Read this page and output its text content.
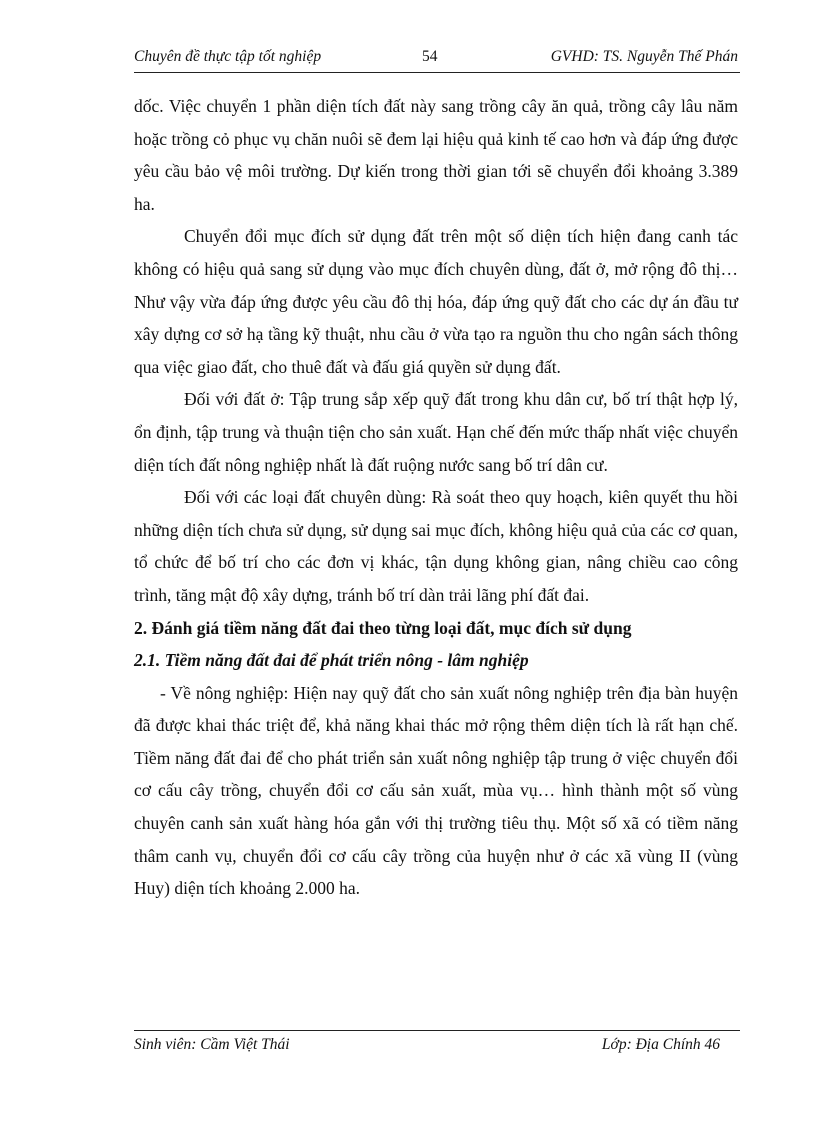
Chuyên đề thực tập tốt nghiệp	54	GVHD: TS. Nguyễn Thế Phán

dốc. Việc chuyển 1 phần diện tích đất này sang trồng cây ăn quả, trồng cây lâu năm hoặc trồng cỏ phục vụ chăn nuôi sẽ đem lại hiệu quả kinh tế cao hơn và đáp ứng được yêu cầu bảo vệ môi trường. Dự kiến trong thời gian tới sẽ chuyển đổi khoảng 3.389 ha.

Chuyển đổi mục đích sử dụng đất trên một số diện tích hiện đang canh tác không có hiệu quả sang sử dụng vào mục đích chuyên dùng, đất ở, mở rộng đô thị…Như vậy vừa đáp ứng được yêu cầu đô thị hóa, đáp ứng quỹ đất cho các dự án đầu tư xây dựng cơ sở hạ tầng kỹ thuật, nhu cầu ở vừa tạo ra nguồn thu cho ngân sách thông qua việc giao đất, cho thuê đất và đấu giá quyền sử dụng đất.

Đối với đất ở: Tập trung sắp xếp quỹ đất trong khu dân cư, bố trí thật hợp lý, ổn định, tập trung và thuận tiện cho sản xuất. Hạn chế đến mức thấp nhất việc chuyển diện tích đất nông nghiệp nhất là đất ruộng nước sang bố trí dân cư.

Đối với các loại đất chuyên dùng: Rà soát theo quy hoạch, kiên quyết thu hồi những diện tích chưa sử dụng, sử dụng sai mục đích, không hiệu quả của các cơ quan, tổ chức để bố trí cho các đơn vị khác, tận dụng không gian, nâng chiều cao công trình, tăng mật độ xây dựng, tránh bố trí dàn trải lãng phí đất đai.

2. Đánh giá tiềm năng đất đai theo từng loại đất, mục đích sử dụng
2.1. Tiềm năng đất đai để phát triển nông - lâm nghiệp

- Về nông nghiệp: Hiện nay quỹ đất cho sản xuất nông nghiệp trên địa bàn huyện đã được khai thác triệt để, khả năng khai thác mở rộng thêm diện tích là rất hạn chế. Tiềm năng đất đai để cho phát triển sản xuất nông nghiệp tập trung ở việc chuyển đổi cơ cấu cây trồng, chuyển đổi cơ cấu sản xuất, mùa vụ… hình thành một số vùng chuyên canh sản xuất hàng hóa gắn với thị trường tiêu thụ. Một số xã có tiềm năng thâm canh vụ, chuyển đổi cơ cấu cây trồng của huyện như ở các xã vùng II (vùng Huy) diện tích khoảng 2.000 ha.

Sinh viên: Cầm Việt Thái	Lớp: Địa Chính 46
